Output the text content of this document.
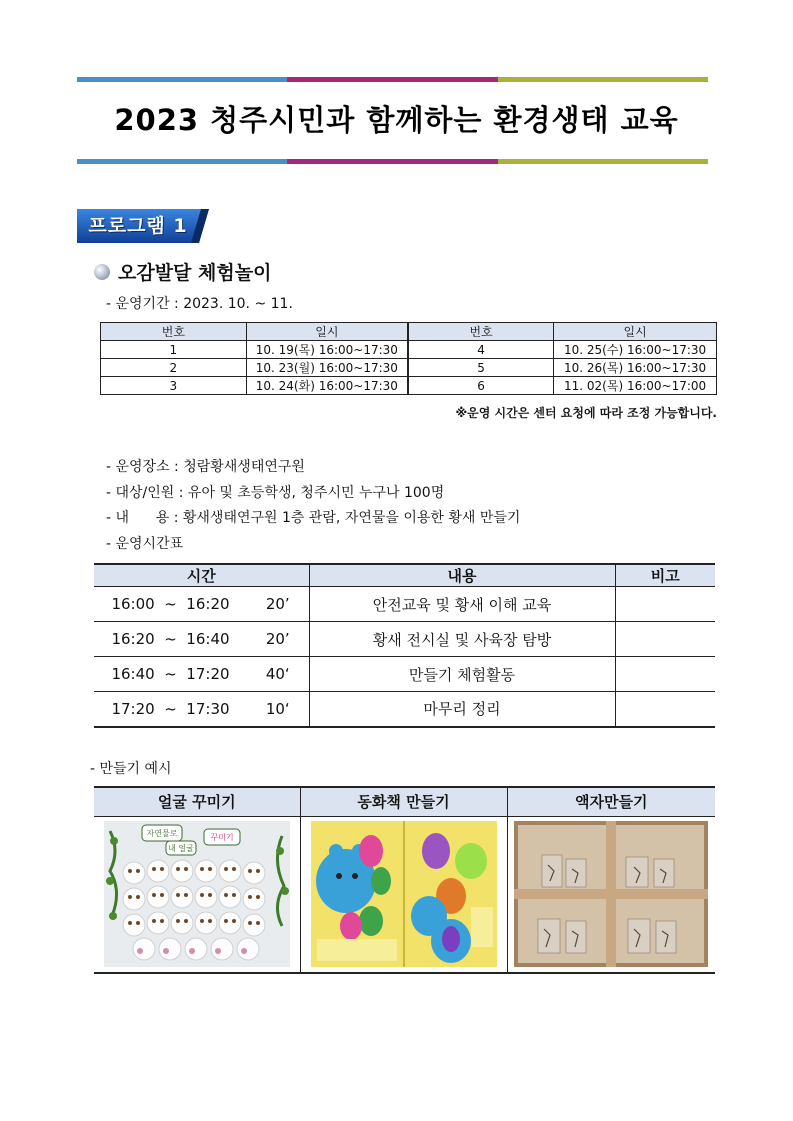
2023 청주시민과 함께하는 환경생태 교육
프로그램 1
오감발달 체험놀이
- 운영기간 : 2023. 10. ~ 11.
번호	일시	번호	일시
1	10. 19(목) 16:00~17:30	4	10. 25(수) 16:00~17:30
2	10. 23(월) 16:00~17:30	5	10. 26(목) 16:00~17:30
3	10. 24(화) 16:00~17:30	6	11. 02(목) 16:00~17:00
※운영 시간은 센터 요청에 따라 조정 가능합니다.
- 운영장소 : 청람황새생태연구원
- 대상/인원 : 유아 및 초등학생, 청주시민 누구나 100명
- 내      용 : 황새생태연구원 1층 관람, 자연물을 이용한 황새 만들기
- 운영시간표
시간		내용	비고
16:00  ~  16:20	20’	안전교육 및 황새 이해 교육	
16:20  ~  16:40	20’	황새 전시실 및 사육장 탐방	
16:40  ~  17:20	40‘	만들기 체험활동	
17:20  ~  17:30	10‘	마무리 정리	
- 만들기 예시
얼굴 꾸미기	동화책 만들기	액자만들기

자연물로
내 얼굴
꾸미기
